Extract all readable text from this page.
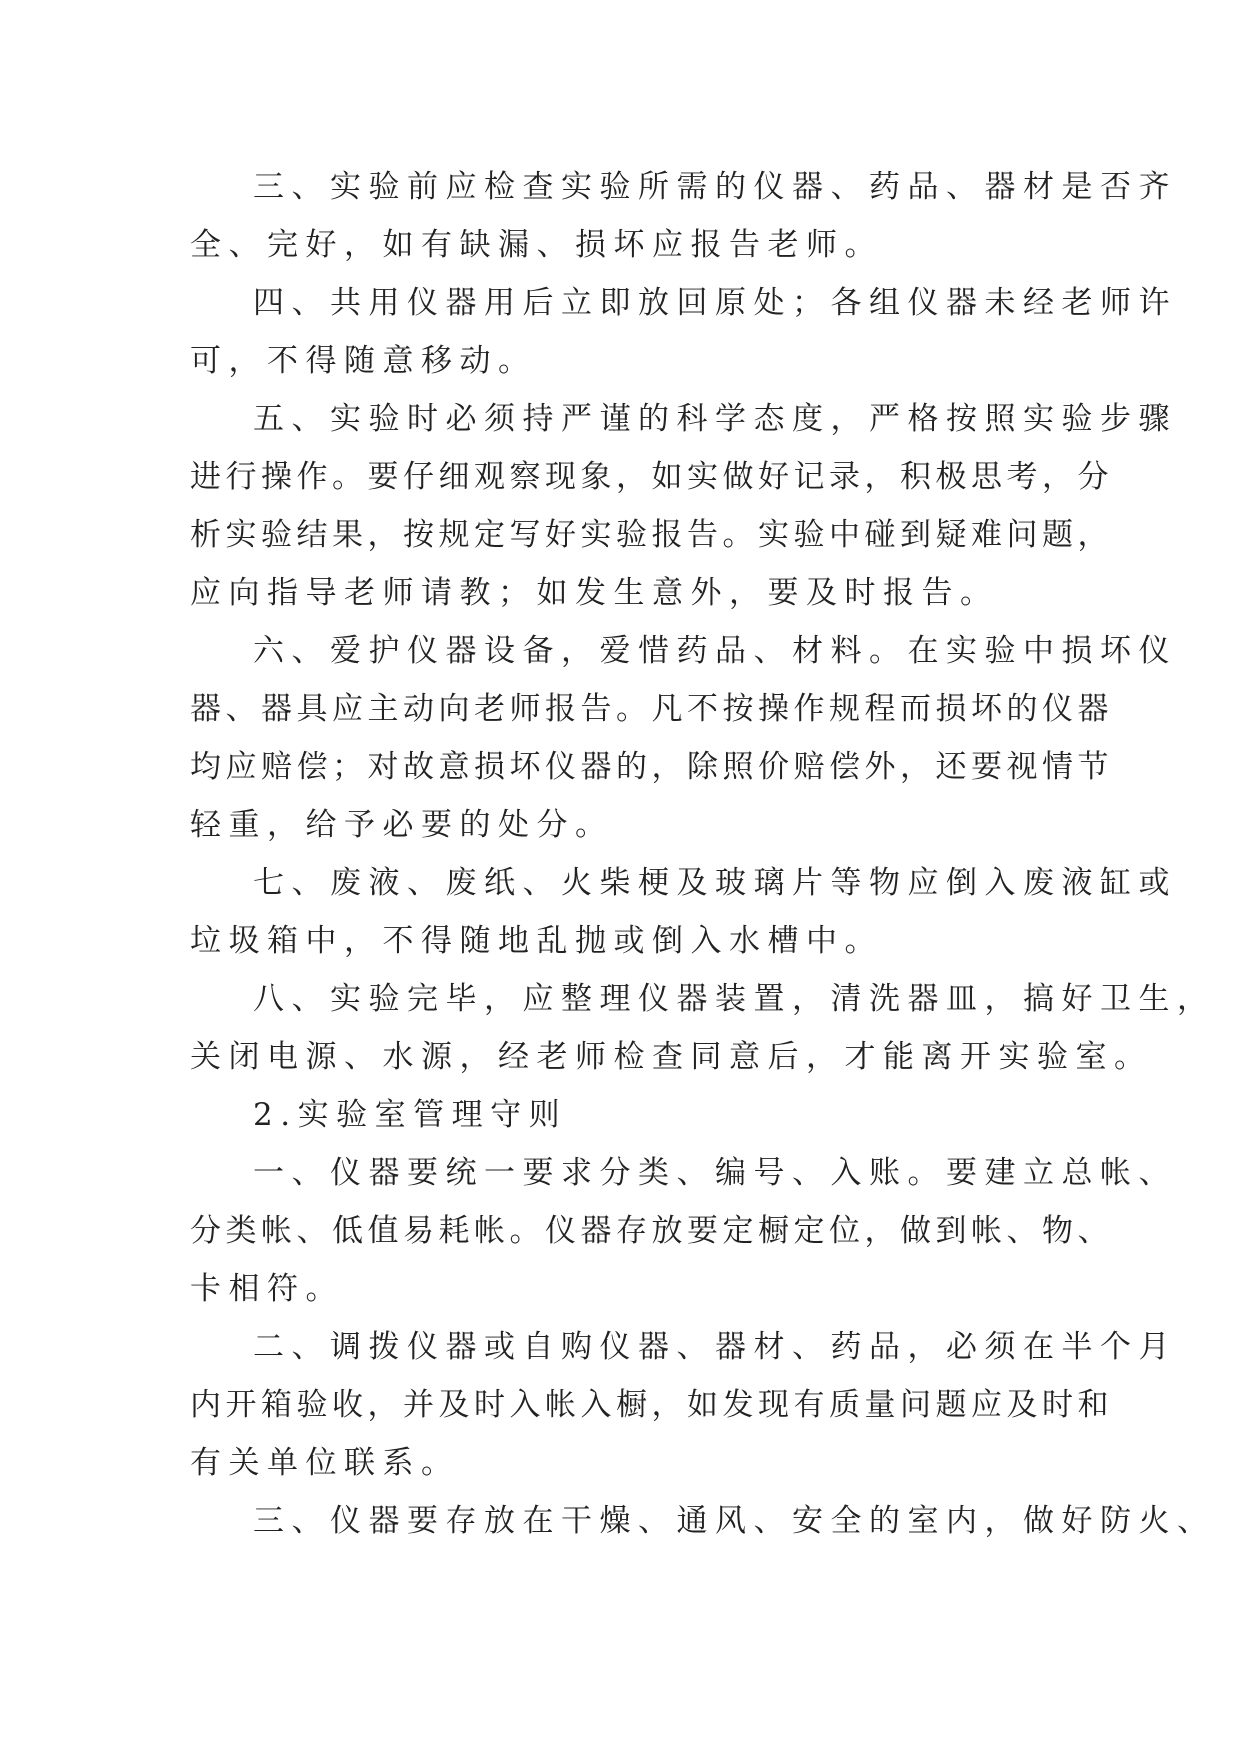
三、实验前应检查实验所需的仪器、药品、器材是否齐

全、完好，如有缺漏、损坏应报告老师。

四、共用仪器用后立即放回原处；各组仪器未经老师许

可，不得随意移动。

五、实验时必须持严谨的科学态度，严格按照实验步骤

进行操作。要仔细观察现象，如实做好记录，积极思考，分

析实验结果，按规定写好实验报告。实验中碰到疑难问题，

应向指导老师请教；如发生意外，要及时报告。

六、爱护仪器设备，爱惜药品、材料。在实验中损坏仪

器、器具应主动向老师报告。凡不按操作规程而损坏的仪器

均应赔偿；对故意损坏仪器的，除照价赔偿外，还要视情节

轻重，给予必要的处分。

七、废液、废纸、火柴梗及玻璃片等物应倒入废液缸或

垃圾箱中，不得随地乱抛或倒入水槽中。

八、实验完毕，应整理仪器装置，清洗器皿，搞好卫生，

关闭电源、水源，经老师检查同意后，才能离开实验室。

2.实验室管理守则

一、仪器要统一要求分类、编号、入账。要建立总帐、

分类帐、低值易耗帐。仪器存放要定橱定位，做到帐、物、

卡相符。

二、调拨仪器或自购仪器、器材、药品，必须在半个月

内开箱验收，并及时入帐入橱，如发现有质量问题应及时和

有关单位联系。

三、仪器要存放在干燥、通风、安全的室内，做好防火、
